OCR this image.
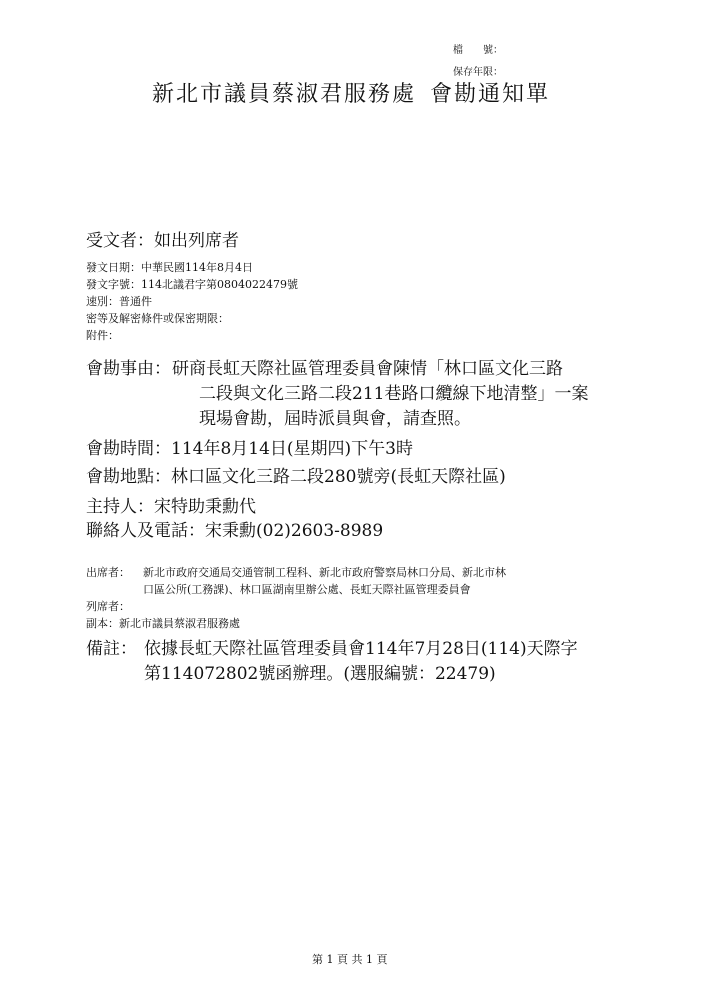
檔　　號：
保存年限：
新北市議員蔡淑君服務處 會勘通知單
受文者： 如出列席者
發文日期：中華民國114年8月4日
發文字號：114北議君字第0804022479號
速別：普通件
密等及解密條件或保密期限：
附件：
會勘事由： 研商長虹天際社區管理委員會陳情「林口區文化三路
二段與文化三路二段211巷路口纜線下地清整」一案
現場會勘，屆時派員與會，請查照。
會勘時間： 114年8月14日(星期四)下午3時
會勘地點： 林口區文化三路二段280號旁(長虹天際社區)
主持人： 宋特助秉勳代
聯絡人及電話： 宋秉勳(02)2603-8989
出席者： 新北市政府交通局交通管制工程科、新北市政府警察局林口分局、新北市林
口區公所(工務課)、林口區湖南里辦公處、長虹天際社區管理委員會
列席者：
副本： 新北市議員蔡淑君服務處
備註： 依據長虹天際社區管理委員會114年7月28日(114)天際字
第114072802號函辦理。(選服編號：22479)
第 1 頁 共 1 頁
